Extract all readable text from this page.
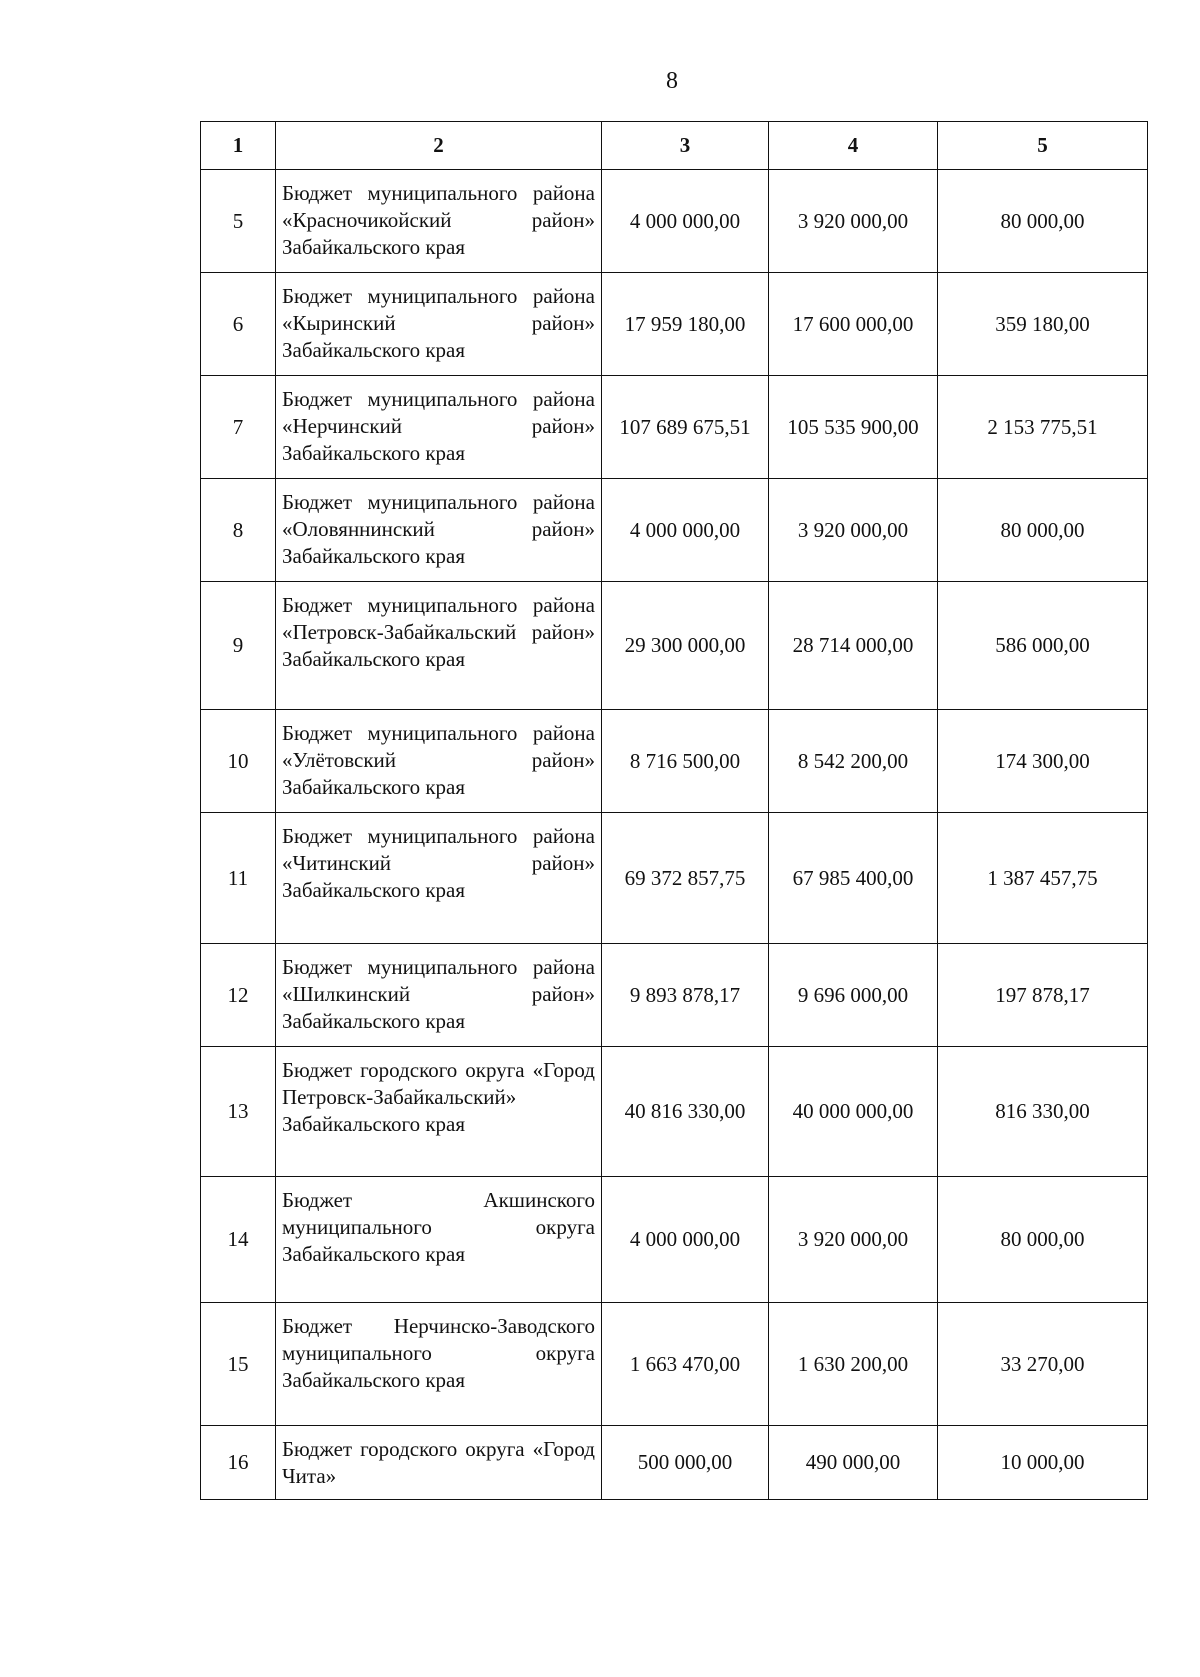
8
1	2	3	4	5
5	Бюджет муниципального района «Красночикойский район» Забайкальского края	4 000 000,00	3 920 000,00	80 000,00
6	Бюджет муниципального района «Кыринский район» Забайкальского края	17 959 180,00	17 600 000,00	359 180,00
7	Бюджет муниципального района «Нерчинский район» Забайкальского края	107 689 675,51	105 535 900,00	2 153 775,51
8	Бюджет муниципального района «Оловяннинский район» Забайкальского края	4 000 000,00	3 920 000,00	80 000,00
9	Бюджет муниципального района «Петровск-Забайкальский район» Забайкальского края	29 300 000,00	28 714 000,00	586 000,00
10	Бюджет муниципального района «Улётовский район» Забайкальского края	8 716 500,00	8 542 200,00	174 300,00
11	Бюджет муниципального района «Читинский район» Забайкальского края	69 372 857,75	67 985 400,00	1 387 457,75
12	Бюджет муниципального района «Шилкинский район» Забайкальского края	9 893 878,17	9 696 000,00	197 878,17
13	Бюджет городского округа «Город Петровск-Забайкальский» Забайкальского края	40 816 330,00	40 000 000,00	816 330,00
14	Бюджет Акшинского муниципального округа Забайкальского края	4 000 000,00	3 920 000,00	80 000,00
15	Бюджет Нерчинско-Заводского муниципального округа Забайкальского края	1 663 470,00	1 630 200,00	33 270,00
16	Бюджет городского округа «Город Чита»	500 000,00	490 000,00	10 000,00
